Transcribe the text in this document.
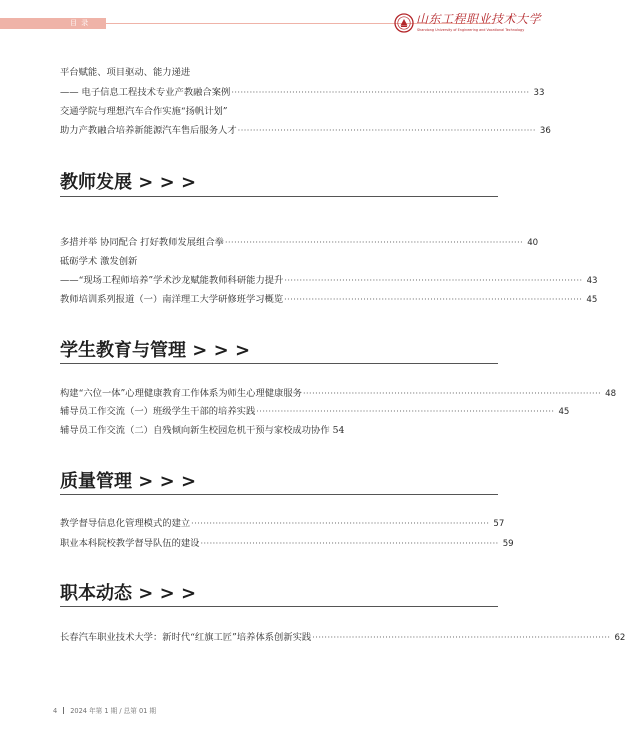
目 录	山东工程职业技术大学
Shandong University of Engineering and Vocational Technology
平台赋能、项目驱动、能力递进
—— 电子信息工程技术专业产教融合案例 ·································································································· 33
交通学院与理想汽车合作实施“扬帆计划”
助力产教融合培养新能源汽车售后服务人才 ·································································································· 36
教师发展 > > >
多措并举 协同配合 打好教师发展组合拳 ·································································································· 40
砥砺学术 激发创新
——“现场工程师培养”学术沙龙赋能教师科研能力提升 ·································································································· 43
教师培训系列报道（一）南洋理工大学研修班学习概览 ·································································································· 45
学生教育与管理 > > >
构建“六位一体”心理健康教育工作体系为师生心理健康服务 ·································································································· 48
辅导员工作交流（一）班级学生干部的培养实践 ·································································································· 45
辅导员工作交流（二）自残倾向新生校园危机干预与家校成功协作 54
质量管理 > > >
教学督导信息化管理模式的建立 ·································································································· 57
职业本科院校教学督导队伍的建设 ·································································································· 59
职本动态 > > >
长春汽车职业技术大学：新时代“红旗工匠”培养体系创新实践 ·································································································· 62
4 2024 年第 1 期 / 总第 01 期
